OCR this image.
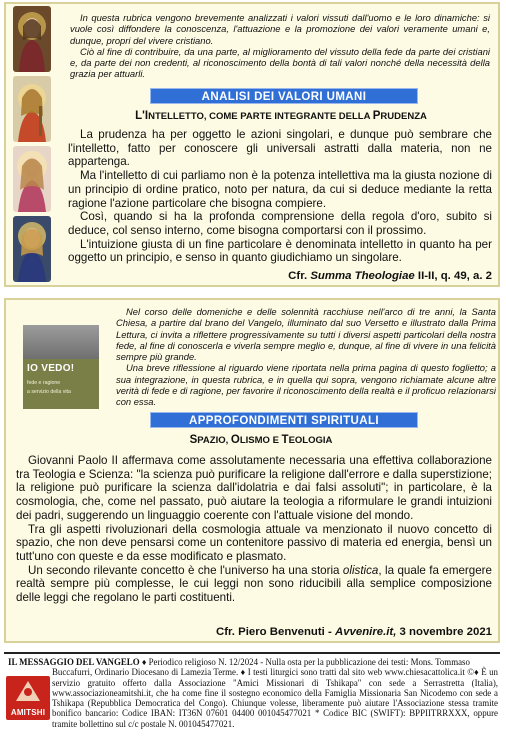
In questa rubrica vengono brevemente analizzati i valori vissuti dall'uomo e le loro dinamiche: si vuole così diffondere la conoscenza, l'attuazione e la promozione dei valori veramente umani e, dunque, propri del vivere cristiano.

Ciò al fine di contribuire, da una parte, al miglioramento del vissuto della fede da parte dei cristiani e, da parte dei non credenti, al riconoscimento della bontà di tali valori nonché della necessità della grazia per attuarli.

ANALISI DEI VALORI UMANI
L'INTELLETTO, COME PARTE INTEGRANTE DELLA PRUDENZA

La prudenza ha per oggetto le azioni singolari, e dunque può sembrare che l'intelletto, fatto per conoscere gli universali astratti dalla materia, non ne appartenga.

Ma l'intelletto di cui parliamo non è la potenza intellettiva ma la giusta nozione di un principio di ordine pratico, noto per natura, da cui si deduce mediante la retta ragione l'azione particolare che bisogna compiere.

Così, quando si ha la profonda comprensione della regola d'oro, subito si deduce, col senso interno, come bisogna comportarsi con il prossimo.

L'intuizione giusta di un fine particolare è denominata intelletto in quanto ha per oggetto un principio, e senso in quanto giudichiamo un singolare.

Cfr. Summa Theologiae II-II, q. 49, a. 2

Nel corso delle domeniche e delle solennità racchiuse nell'arco di tre anni, la Santa Chiesa, a partire dal brano del Vangelo, illuminato dal suo Versetto e illustrato dalla Prima Lettura, ci invita a riflettere progressivamente su tutti i diversi aspetti particolari della nostra fede, al fine di conoscerla e viverla sempre meglio e, dunque, al fine di vivere in una felicità sempre più grande.

Una breve riflessione al riguardo viene riportata nella prima pagina di questo foglietto; a sua integrazione, in questa rubrica, e in quella qui sopra, vengono richiamate alcune altre verità di fede e di ragione, per favorire il riconoscimento della realtà e il proficuo relazionarsi con essa.

APPROFONDIMENTI SPIRITUALI
SPAZIO, OLISMO E TEOLOGIA

Giovanni Paolo II affermava come assolutamente necessaria una effettiva collaborazione tra Teologia e Scienza: "la scienza può purificare la religione dall'errore e dalla superstizione; la religione può purificare la scienza dall'idolatria e dai falsi assoluti"; in particolare, è la cosmologia, che, come nel passato, può aiutare la teologia a riformulare le grandi intuizioni dei padri, suggerendo un linguaggio coerente con l'attuale visione del mondo.

Tra gli aspetti rivoluzionari della cosmologia attuale va menzionato il nuovo concetto di spazio, che non deve pensarsi come un contenitore passivo di materia ed energia, bensì un tutt'uno con queste e da esse modificato e plasmato.

Un secondo rilevante concetto è che l'universo ha una storia olistica, la quale fa emergere realtà sempre più complesse, le cui leggi non sono riducibili alla semplice composizione delle leggi che regolano le parti costituenti.

Cfr. Piero Benvenuti - Avvenire.it, 3 novembre 2021
IO VEDO!
fede e ragione
a servizio della vita
AMITSHI
IL MESSAGGIO DEL VANGELO ♦ Periodico religioso N. 12/2024 - Nulla osta per la pubblicazione dei testi: Mons. Tommaso
Buccafurri, Ordinario Diocesano di Lamezia Terme. ♦ I testi liturgici sono tratti dal sito web www.chiesacattolica.it ©♦ È un servizio gratuito offerto dalla Associazione "Amici Missionari di Tshikapa" con sede a Serrastretta (Italia), www.associazioneamitshi.it, che ha come fine il sostegno economico della Famiglia Missionaria San Nicodemo con sede a Tshikapa (Repubblica Democratica del Congo). Chiunque volesse, liberamente può aiutare l'Associazione stessa tramite bonifico bancario: Codice IBAN: IT36N 07601 04400 001045477021 * Codice BIC (SWIFT): BPPIITRRXXX, oppure tramite bollettino sul c/c postale N. 001045477021.
